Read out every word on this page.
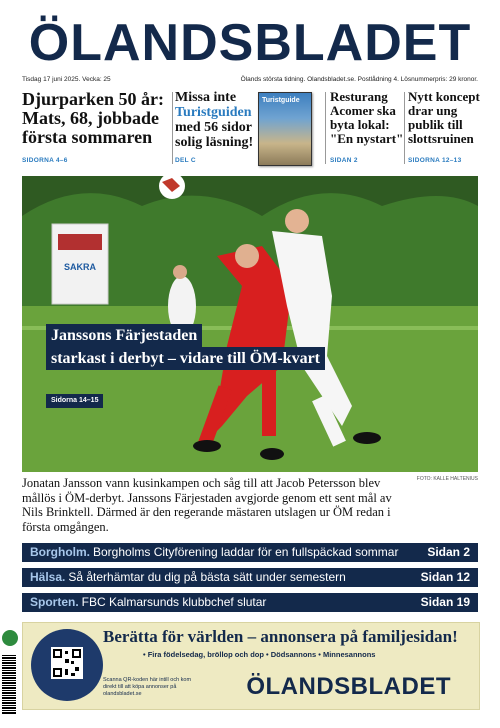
ÖLANDSBLADET
Tisdag 17 juni 2025. Vecka: 25	Ölands största tidning. Olandsbladet.se. Postlådning 4. Lösnummerpris: 29 kronor.
Djurparken 50 år: Mats, 68, jobbade första sommaren
SIDORNA 4–6
Missa inte Turistguiden med 56 sidor solig läsning!
DEL C
Turistguide Resturang Acomer ska byta lokal: "En nystart"
SIDAN 2
Nytt koncept drar ung publik till slottsruinen
SIDORNA 12–13
SAKRA
Janssons Färjestaden
starkast i derbyt – vidare till ÖM-kvart
Sidorna 14–15
FOTO: KALLE HALTENIUS
Jonatan Jansson vann kusinkampen och såg till att Jacob Petersson blev mållös i ÖM-derbyt. Janssons Färjestaden avgjorde genom ett sent mål av Nils Brinktell. Därmed är den regerande mästaren utslagen ur ÖM redan i första omgången.
Borgholm. Borgholms Cityförening laddar för en fullspäckad sommar Sidan 2
Hälsa. Så återhämtar du dig på bästa sätt under semestern	Sidan 12
Sporten. FBC Kalmarsunds klubbchef slutar	Sidan 19
Berätta för världen – annonsera på familjesidan!
• Fira födelsedag, bröllop och dop • Dödsannons • Minnesannons
Scanna QR-koden här intill och kom direkt till att köpa annonser på olandsbladet.se	ÖLANDSBLADET
